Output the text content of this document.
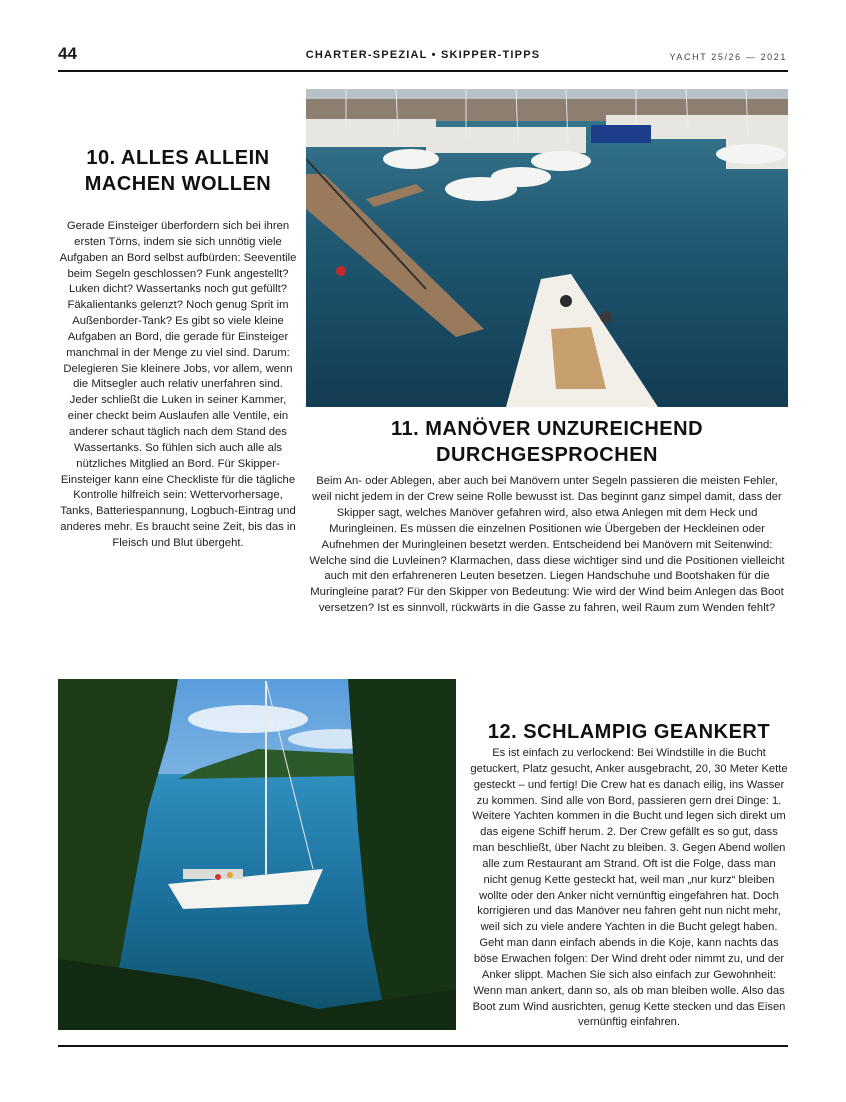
44	CHARTER-SPEZIAL • SKIPPER-TIPPS	YACHT 25/26 — 2021
10. ALLES ALLEIN MACHEN WOLLEN

Gerade Einsteiger überfordern sich bei ihren ersten Törns, indem sie sich unnötig viele Aufgaben an Bord selbst aufbürden: Seeventile beim Segeln geschlossen? Funk angestellt? Luken dicht? Wassertanks noch gut gefüllt? Fäkalientanks gelenzt? Noch genug Sprit im Außenborder-Tank? Es gibt so viele kleine Aufgaben an Bord, die gerade für Einsteiger manchmal in der Menge zu viel sind. Darum: Delegieren Sie kleinere Jobs, vor allem, wenn die Mitsegler auch relativ unerfahren sind. Jeder schließt die Luken in seiner Kammer, einer checkt beim Auslaufen alle Ventile, ein anderer schaut täglich nach dem Stand des Wassertanks. So fühlen sich auch alle als nützliches Mitglied an Bord. Für Skipper-Einsteiger kann eine Checkliste für die tägliche Kontrolle hilfreich sein: Wettervorhersage, Tanks, Batteriespannung, Logbuch-Eintrag und anderes mehr. Es braucht seine Zeit, bis das in Fleisch und Blut übergeht.

11. MANÖVER UNZUREICHEND DURCHGESPROCHEN

Beim An- oder Ablegen, aber auch bei Manövern unter Segeln passieren die meisten Fehler, weil nicht jedem in der Crew seine Rolle bewusst ist. Das beginnt ganz simpel damit, dass der Skipper sagt, welches Manöver gefahren wird, also etwa Anlegen mit dem Heck und Muringleinen. Es müssen die einzelnen Positionen wie Übergeben der Heckleinen oder Aufnehmen der Muringleinen besetzt werden. Entscheidend bei Manövern mit Seitenwind: Welche sind die Luvleinen? Klarmachen, dass diese wichtiger sind und die Positionen vielleicht auch mit den erfahreneren Leuten besetzen. Liegen Handschuhe und Bootshaken für die Muringleine parat? Für den Skipper von Bedeutung: Wie wird der Wind beim Anlegen das Boot versetzen? Ist es sinnvoll, rückwärts in die Gasse zu fahren, weil Raum zum Wenden fehlt?

12. SCHLAMPIG GEANKERT

Es ist einfach zu verlockend: Bei Windstille in die Bucht getuckert, Platz gesucht, Anker ausgebracht, 20, 30 Meter Kette gesteckt – und fertig! Die Crew hat es danach eilig, ins Wasser zu kommen. Sind alle von Bord, passieren gern drei Dinge: 1. Weitere Yachten kommen in die Bucht und legen sich direkt um das eigene Schiff herum. 2. Der Crew gefällt es so gut, dass man beschließt, über Nacht zu bleiben. 3. Gegen Abend wollen alle zum Restaurant am Strand. Oft ist die Folge, dass man nicht genug Kette gesteckt hat, weil man „nur kurz“ bleiben wollte oder den Anker nicht vernünftig eingefahren hat. Doch korrigieren und das Manöver neu fahren geht nun nicht mehr, weil sich zu viele andere Yachten in die Bucht gelegt haben. Geht man dann einfach abends in die Koje, kann nachts das böse Erwachen folgen: Der Wind dreht oder nimmt zu, und der Anker slippt. Machen Sie sich also einfach zur Gewohnheit: Wenn man ankert, dann so, als ob man bleiben wolle. Also das Boot zum Wind ausrichten, genug Kette stecken und das Eisen vernünftig einfahren.
